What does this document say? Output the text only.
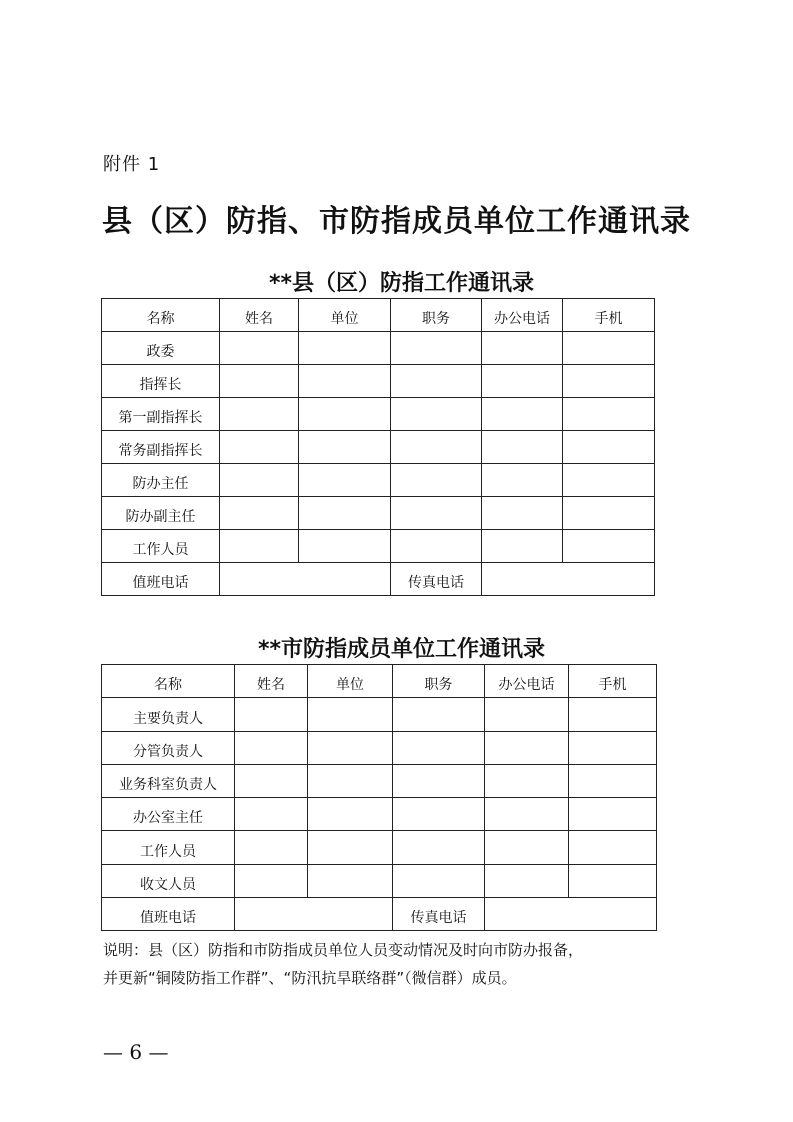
附件 1
县（区）防指、市防指成员单位工作通讯录
**县（区）防指工作通讯录
名称	姓名	单位	职务	办公电话	手机
政委					
指挥长					
第一副指挥长					
常务副指挥长					
防办主任					
防办副主任					
工作人员					
值班电话			传真电话		
**市防指成员单位工作通讯录
名称	姓名	单位	职务	办公电话	手机
主要负责人					
分管负责人					
业务科室负责人					
办公室主任					
工作人员					
收文人员					
值班电话			传真电话		
说明：县（区）防指和市防指成员单位人员变动情况及时向市防办报备，
并更新“铜陵防指工作群”、“防汛抗旱联络群”（微信群）成员。
— 6 —
